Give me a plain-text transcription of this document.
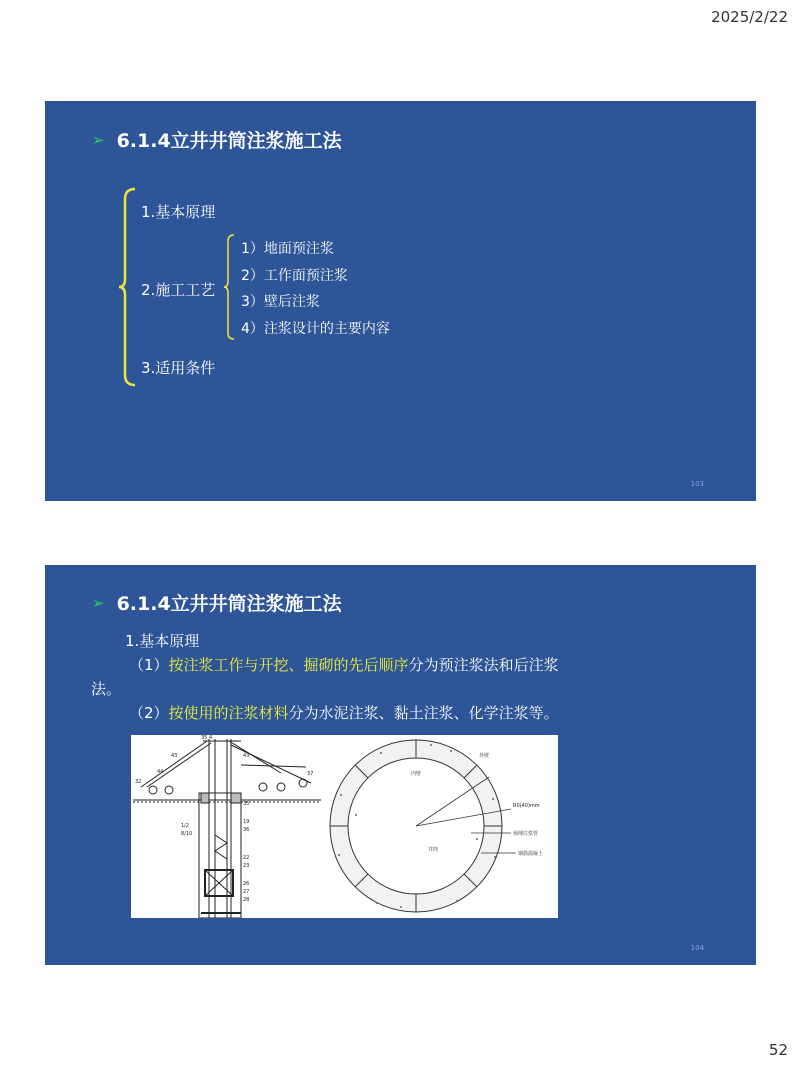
2025/2/22
➢ 6.1.4立井井筒注浆施工法
1.基本原理
2.施工工艺
3.适用条件
1）地面预注浆
2）工作面预注浆
3）壁后注浆
4）注浆设计的主要内容
103
➢ 6.1.4立井井筒注浆施工法

1.基本原理

（1）按注浆工作与开挖、掘砌的先后顺序分为预注浆法和后注浆法。

（2）按使用的注浆材料分为水泥注浆、黏土注浆、化学注浆等。

35 4
43
44
32
43
37
35
19
36
1/2
8/10
22
23
26
27
28
外壁
内壁
井筒
R0(40)mm
预埋注浆管
钢筋混凝土
104
52
